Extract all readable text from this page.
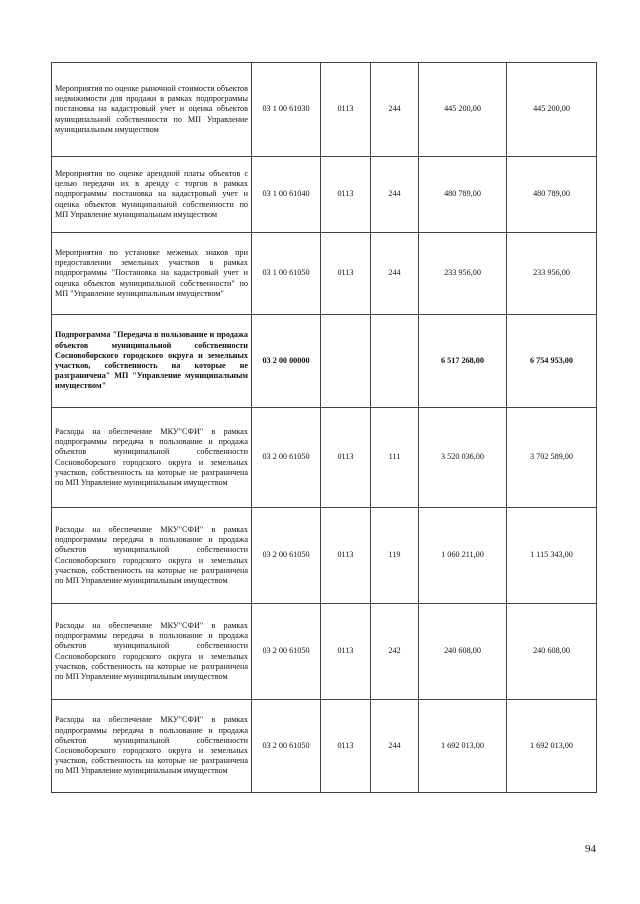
Мероприятия по оценке рыночной стоимости объектов недвижимости для продажи в рамках подпрограммы постановка на кадастровый учет и оценка объектов муниципальной собственности по МП Управление муниципальным имуществом	03 1 00 61030	0113	244	445 200,00	445 200,00
Мероприятия по оценке арендной платы объектов с целью передачи их в аренду с торгов в рамках подпрограммы постановка на кадастровый учет и оценка объектов муниципальной собственности по МП Управление муниципальным имуществом	03 1 00 61040	0113	244	480 789,00	480 789,00
Мероприятия по установке межевых знаков при предоставлении земельных участков в рамках подпрограммы "Постановка на кадастровый учет и оценка объектов муниципальной собственности" по МП "Управление муниципальным имуществом"	03 1 00 61050	0113	244	233 956,00	233 956,00
Подпрограмма "Передача в пользование и продажа объектов муниципальной собственности Сосновоборского городского округа и земельных участков, собственность на которые не разграничена" МП "Управление муниципальным имуществом"	03 2 00 00000			6 517 268,00	6 754 953,00
Расходы на обеспечение МКУ"СФИ" в рамках подпрограммы передача в пользование и продажа объектов муниципальной собственности Сосновоборского городского округа и земельных участков, собственность на которые не разграничена по МП Управление муниципальным имуществом	03 2 00 61050	0113	111	3 520 036,00	3 702 589,00
Расходы на обеспечение МКУ"СФИ" в рамках подпрограммы передача в пользование и продажа объектов муниципальной собственности Сосновоборского городского округа и земельных участков, собственность на которые не разграничена по МП Управление муниципальным имуществом	03 2 00 61050	0113	119	1 060 211,00	1 115 343,00
Расходы на обеспечение МКУ"СФИ" в рамках подпрограммы передача в пользование и продажа объектов муниципальной собственности Сосновоборского городского округа и земельных участков, собственность на которые не разграничена по МП Управление муниципальным имуществом	03 2 00 61050	0113	242	240 608,00	240 608,00
Расходы на обеспечение МКУ"СФИ" в рамках подпрограммы передача в пользование и продажа объектов муниципальной собственности Сосновоборского городского округа и земельных участков, собственность на которые не разграничена по МП Управление муниципальным имуществом	03 2 00 61050	0113	244	1 692 013,00	1 692 013,00
94
